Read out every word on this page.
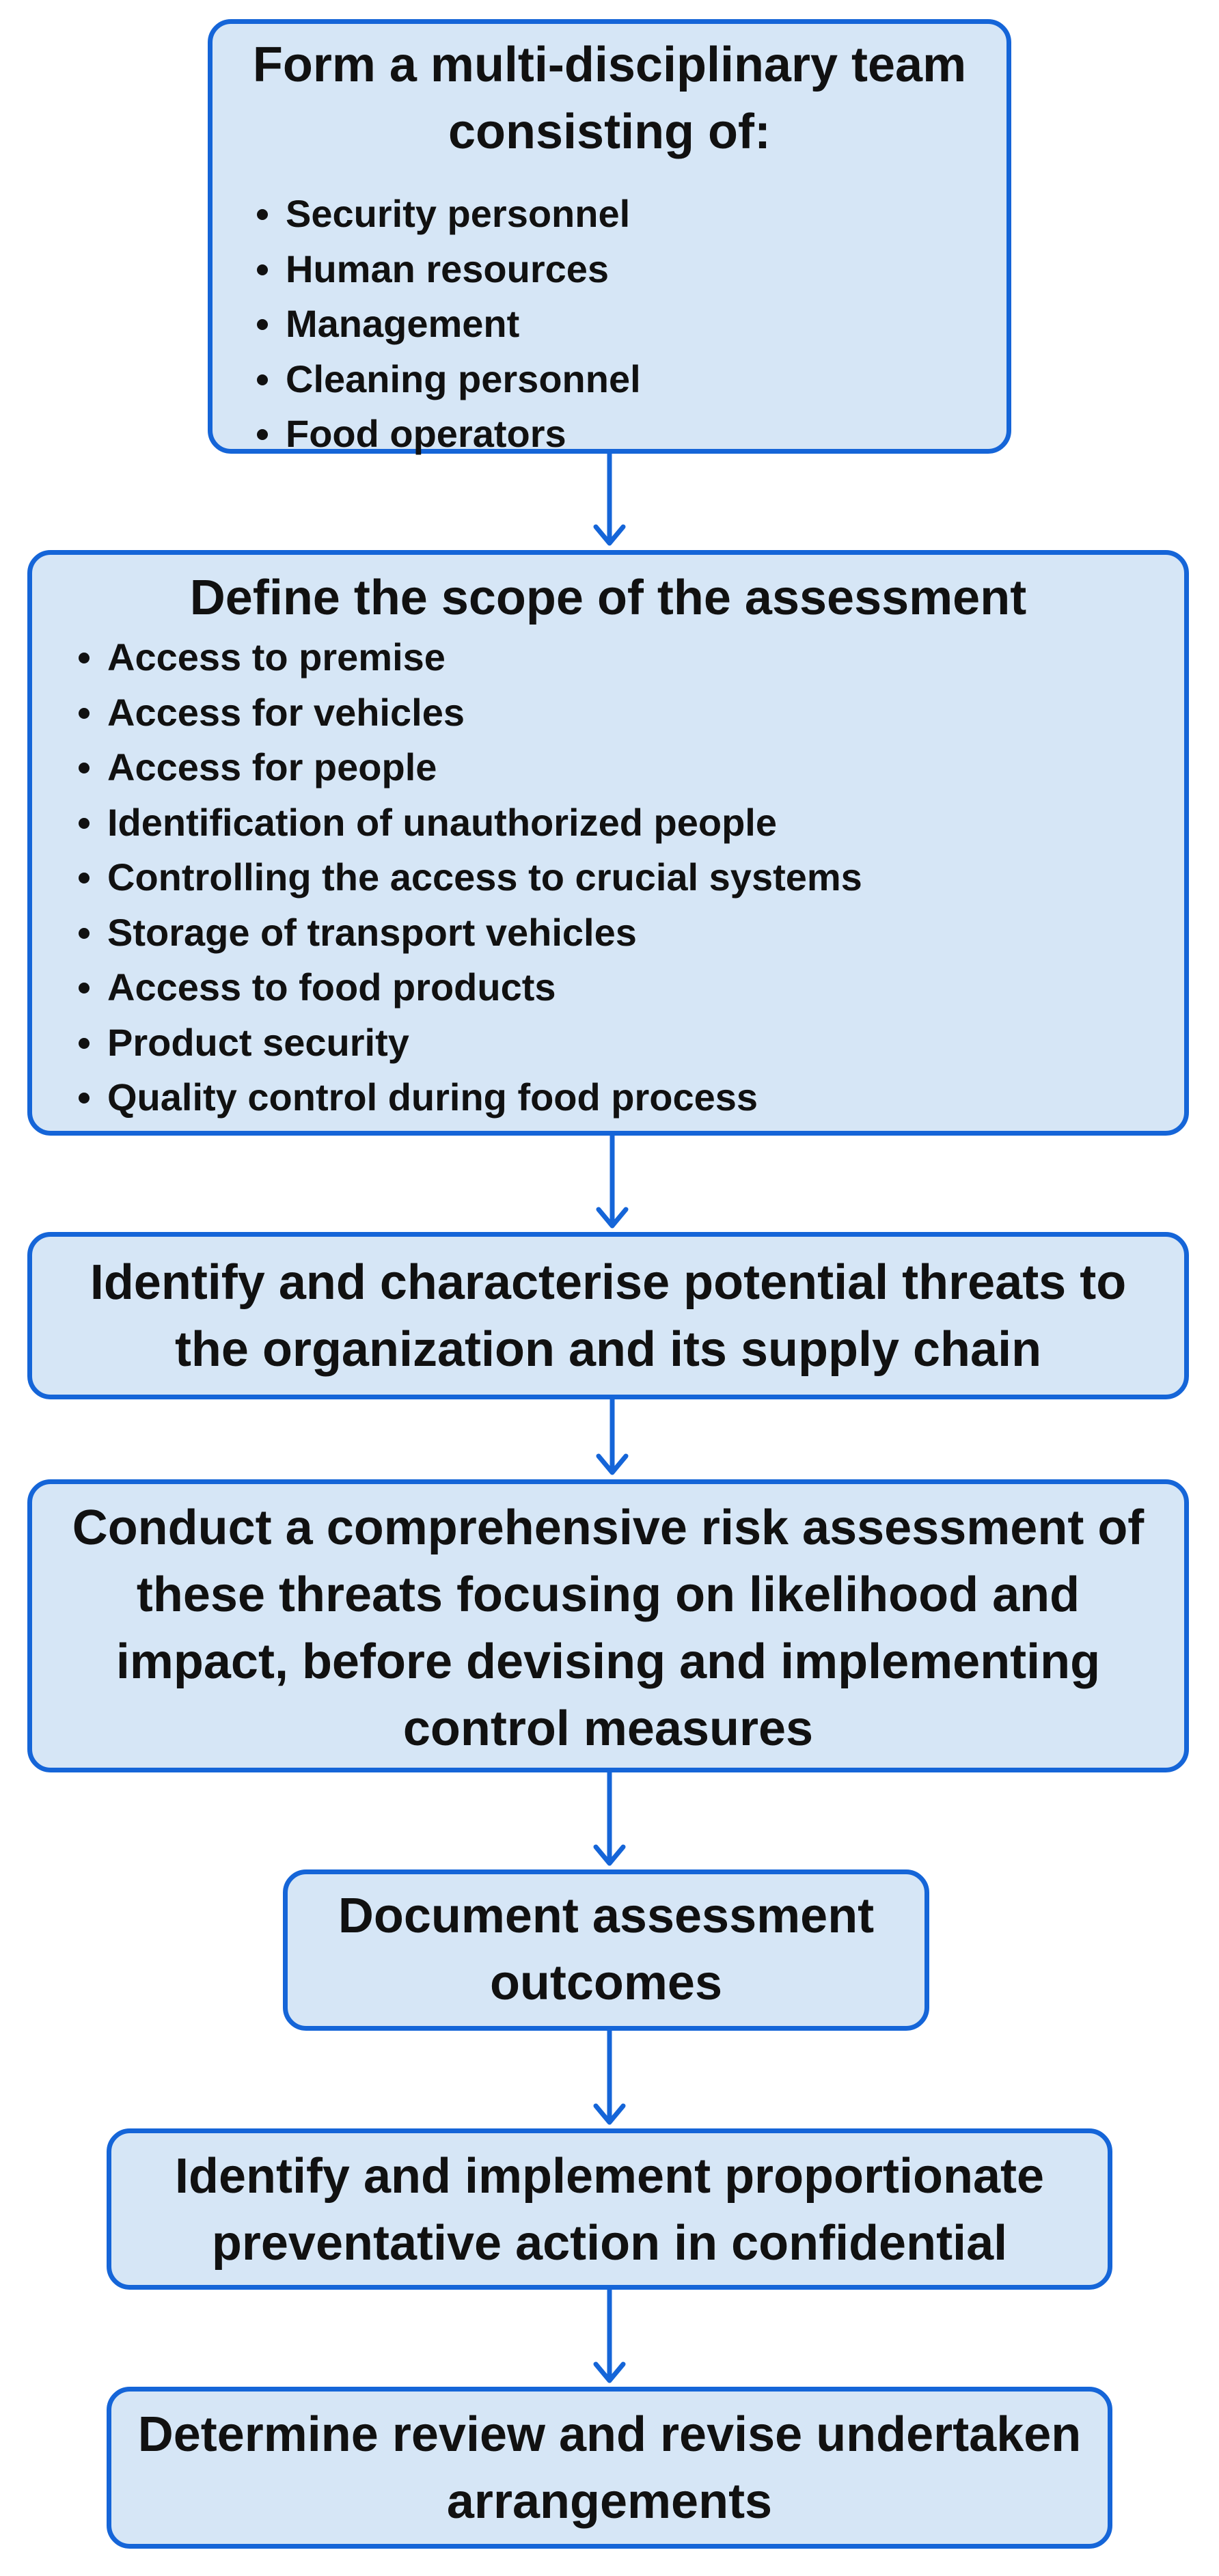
Form a multi-disciplinary team consisting of:
Security personnel
Human resources
Management
Cleaning personnel
Food operators
Define the scope of the assessment
Access to premise
Access for vehicles
Access for people
Identification of unauthorized people
Controlling the access to crucial systems
Storage of transport vehicles
Access to food products
Product security
Quality control during food process
Identify and characterise potential threats to the organization and its supply chain
Conduct a comprehensive risk assessment of these threats focusing on likelihood and impact, before devising and implementing control measures
Document assessment outcomes
Identify and implement proportionate preventative action in confidential
Determine review and revise undertaken arrangements
